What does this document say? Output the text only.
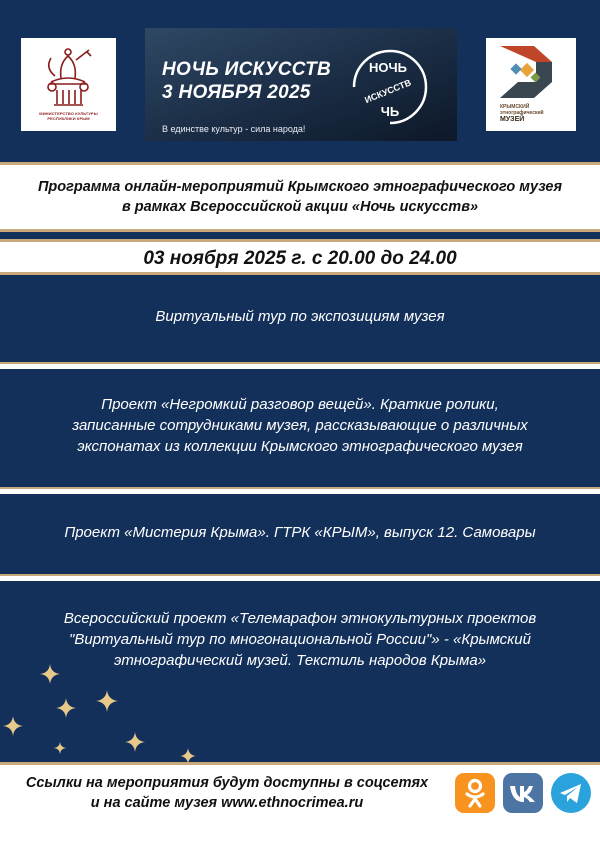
МИНИСТЕРСТВО КУЛЬТУРЫ РЕСПУБЛИКИ КРЫМ
НОЧЬ ИСКУССТВ
3 НОЯБРЯ 2025
В единстве культур - сила народа!
НОЧЬ
ИСКУССТВ
ЧЬ	КРЫМСКИЙ
этнографический
МУЗЕЙ
Программа онлайн-мероприятий Крымского этнографического музея
в рамках Всероссийской акции «Ночь искусств»
03 ноября 2025 г. с 20.00 до 24.00
Виртуальный тур по экспозициям музея
Проект «Негромкий разговор вещей». Краткие ролики,
записанные сотрудниками музея, рассказывающие о различных
экспонатах из коллекции Крымского этнографического музея
Проект «Мистерия Крыма». ГТРК «КРЫМ», выпуск 12. Самовары
Всероссийский проект «Телемарафон этнокультурных проектов
"Виртуальный тур по многонациональной России"» - «Крымский
этнографический музей. Текстиль народов Крыма»
Ссылки на мероприятия будут доступны в соцсетях
и на сайте музея www.ethnocrimea.ru
